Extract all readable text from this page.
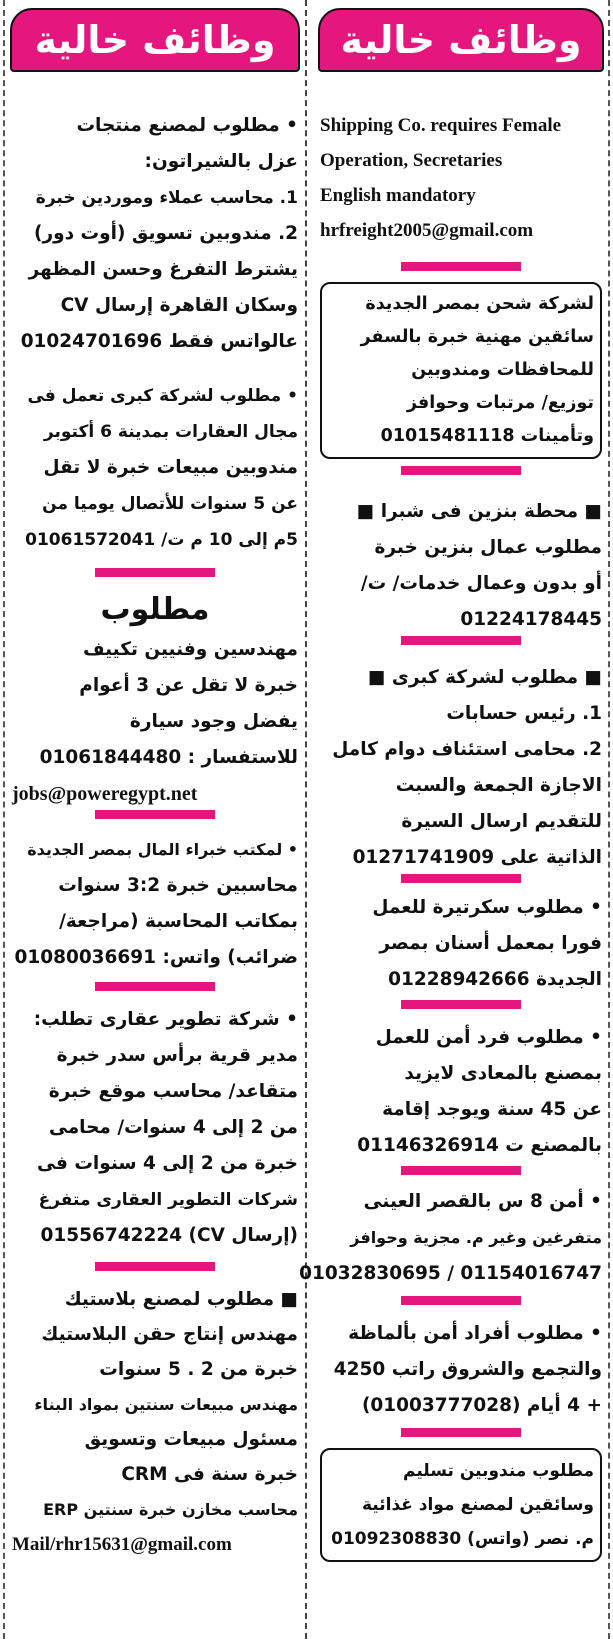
وظائف خالية
Shipping Co. requires Female
Operation, Secretaries
English mandatory
hrfreight2005@gmail.com
لشركة شحن بمصر الجديدة
سائقين مهنية خبرة بالسفر
للمحافظات ومندوبين
توزيع/ مرتبات وحوافز
وتأمينات 01015481118
■ محطة بنزين فى شبرا ■
مطلوب عمال بنزين خبرة
أو بدون وعمال خدمات/ ت/
01224178445
■ مطلوب لشركة كبرى ■
1. رئيس حسابات
2. محامى استئناف دوام كامل
الاجازة الجمعة والسبت
للتقديم ارسال السيرة
الذاتية على 01271741909
• مطلوب سكرتيرة للعمل
فورا بمعمل أسنان بمصر
الجديدة 01228942666
• مطلوب فرد أمن للعمل
بمصنع بالمعادى لايزيد
عن 45 سنة ويوجد إقامة
بالمصنع ت 01146326914
• أمن 8 س بالقصر العينى
متفرغين وغير م. مجزية وحوافز
01154016747 / 01032830695
• مطلوب أفراد أمن بألماظة
والتجمع والشروق راتب 4250
+ 4 أيام (01003777028)
مطلوب مندوبين تسليم
وسائقين لمصنع مواد غذائية
م. نصر (واتس) 01092308830
وظائف خالية
• مطلوب لمصنع منتجات
عزل بالشيراتون:
1. محاسب عملاء وموردين خبرة
2. مندوبين تسويق (أوت دور)
يشترط التفرغ وحسن المظهر
وسكان القاهرة إرسال CV
عالواتس فقط 01024701696
• مطلوب لشركة كبرى تعمل فى
مجال العقارات بمدينة 6 أكتوبر
مندوبين مبيعات خبرة لا تقل
عن 5 سنوات للأتصال يوميا من
5م إلى 10 م ت/ 01061572041
مطلوب
مهندسين وفنيين تكييف
خبرة لا تقل عن 3 أعوام
يفضل وجود سيارة
للاستفسار : 01061844480
jobs@poweregypt.net
• لمكتب خبراء المال بمصر الجديدة
محاسبين خبرة 3:2 سنوات
بمكاتب المحاسبة (مراجعة/
ضرائب) واتس: 01080036691
• شركة تطوير عقارى تطلب:
مدير قرية برأس سدر خبرة
متقاعد/ محاسب موقع خبرة
من 2 إلى 4 سنوات/ محامى
خبرة من 2 إلى 4 سنوات فى
شركات التطوير العقارى متفرغ
(إرسال CV) 01556742224
■ مطلوب لمصنع بلاستيك
مهندس إنتاج حقن البلاستيك
خبرة من 2 . 5 سنوات
مهندس مبيعات سنتين بمواد البناء
مسئول مبيعات وتسويق
خبرة سنة فى CRM
محاسب مخازن خبرة سنتين ERP
Mail/rhr15631@gmail.com
